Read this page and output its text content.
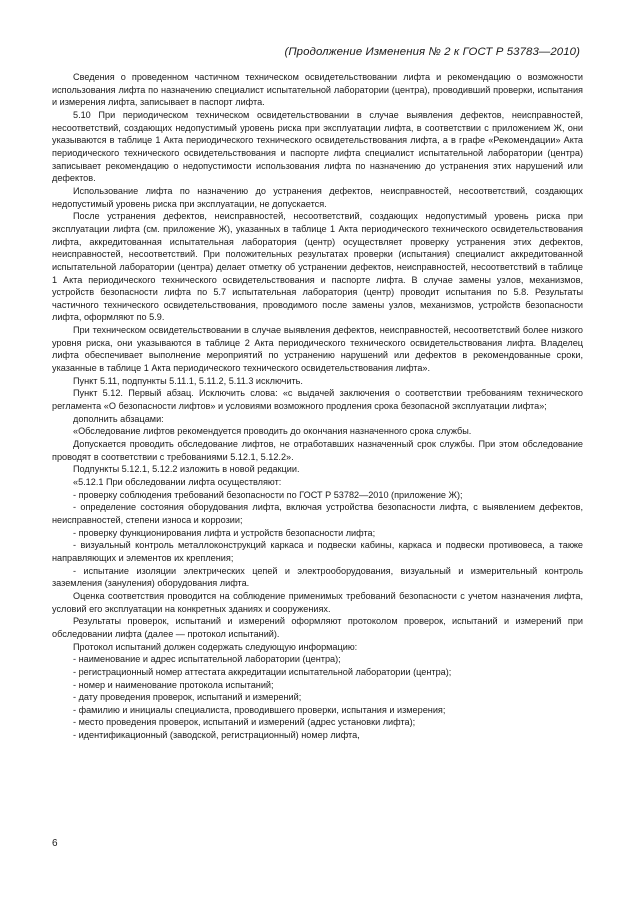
(Продолжение Изменения № 2 к ГОСТ Р 53783—2010)

Сведения о проведенном частичном техническом освидетельствовании лифта и рекомендацию о возможности использования лифта по назначению специалист испытательной лаборатории (центра), проводивший проверки, испытания и измерения лифта, записывает в паспорт лифта.

5.10 При периодическом техническом освидетельствовании в случае выявления дефектов, неисправностей, несоответствий, создающих недопустимый уровень риска при эксплуатации лифта, в соответствии с приложением Ж, они указываются в таблице 1 Акта периодического технического освидетельствования лифта, а в графе «Рекомендации» Акта периодического технического освидетельствования и паспорте лифта специалист испытательной лаборатории (центра) записывает рекомендацию о недопустимости использования лифта по назначению до устранения этих нарушений или дефектов.

Использование лифта по назначению до устранения дефектов, неисправностей, несоответствий, создающих недопустимый уровень риска при эксплуатации, не допускается.

После устранения дефектов, неисправностей, несоответствий, создающих недопустимый уровень риска при эксплуатации лифта (см. приложение Ж), указанных в таблице 1 Акта периодического технического освидетельствования лифта, аккредитованная испытательная лаборатория (центр) осуществляет проверку устранения этих дефектов, неисправностей, несоответствий. При положительных результатах проверки (испытания) специалист аккредитованной испытательной лаборатории (центра) делает отметку об устранении дефектов, неисправностей, несоответствий в таблице 1 Акта периодического технического освидетельствования и паспорте лифта. В случае замены узлов, механизмов, устройств безопасности лифта по 5.7 испытательная лаборатория (центр) проводит испытания по 5.8. Результаты частичного технического освидетельствования, проводимого после замены узлов, механизмов, устройств безопасности лифта, оформляют по 5.9.

При техническом освидетельствовании в случае выявления дефектов, неисправностей, несоответствий более низкого уровня риска, они указываются в таблице 2 Акта периодического технического освидетельствования лифта. Владелец лифта обеспечивает выполнение мероприятий по устранению нарушений или дефектов в рекомендованные сроки, указанные в таблице 1 Акта периодического технического освидетельствования лифта».

Пункт 5.11, подпункты 5.11.1, 5.11.2, 5.11.3 исключить.

Пункт 5.12. Первый абзац. Исключить слова: «с выдачей заключения о соответствии требованиям технического регламента «О безопасности лифтов» и условиями возможного продления срока безопасной эксплуатации лифта»;

дополнить абзацами:

«Обследование лифтов рекомендуется проводить до окончания назначенного срока службы.

Допускается проводить обследование лифтов, не отработавших назначенный срок службы. При этом обследование проводят в соответствии с требованиями 5.12.1, 5.12.2».

Подпункты 5.12.1, 5.12.2 изложить в новой редакции.

«5.12.1 При обследовании лифта осуществляют:

- проверку соблюдения требований безопасности по ГОСТ Р 53782—2010 (приложение Ж);

- определение состояния оборудования лифта, включая устройства безопасности лифта, с выявлением дефектов, неисправностей, степени износа и коррозии;

- проверку функционирования лифта и устройств безопасности лифта;

- визуальный контроль металлоконструкций каркаса и подвески кабины, каркаса и подвески противовеса, а также направляющих и элементов их крепления;

- испытание изоляции электрических цепей и электрооборудования, визуальный и измерительный контроль заземления (зануления) оборудования лифта.

Оценка соответствия проводится на соблюдение применимых требований безопасности с учетом назначения лифта, условий его эксплуатации на конкретных зданиях и сооружениях.

Результаты проверок, испытаний и измерений оформляют протоколом проверок, испытаний и измерений при обследовании лифта (далее — протокол испытаний).

Протокол испытаний должен содержать следующую информацию:

- наименование и адрес испытательной лаборатории (центра);

- регистрационный номер аттестата аккредитации испытательной лаборатории (центра);

- номер и наименование протокола испытаний;

- дату проведения проверок, испытаний и измерений;

- фамилию и инициалы специалиста, проводившего проверки, испытания и измерения;

- место проведения проверок, испытаний и измерений (адрес установки лифта);

- идентификационный (заводской, регистрационный) номер лифта,

6
